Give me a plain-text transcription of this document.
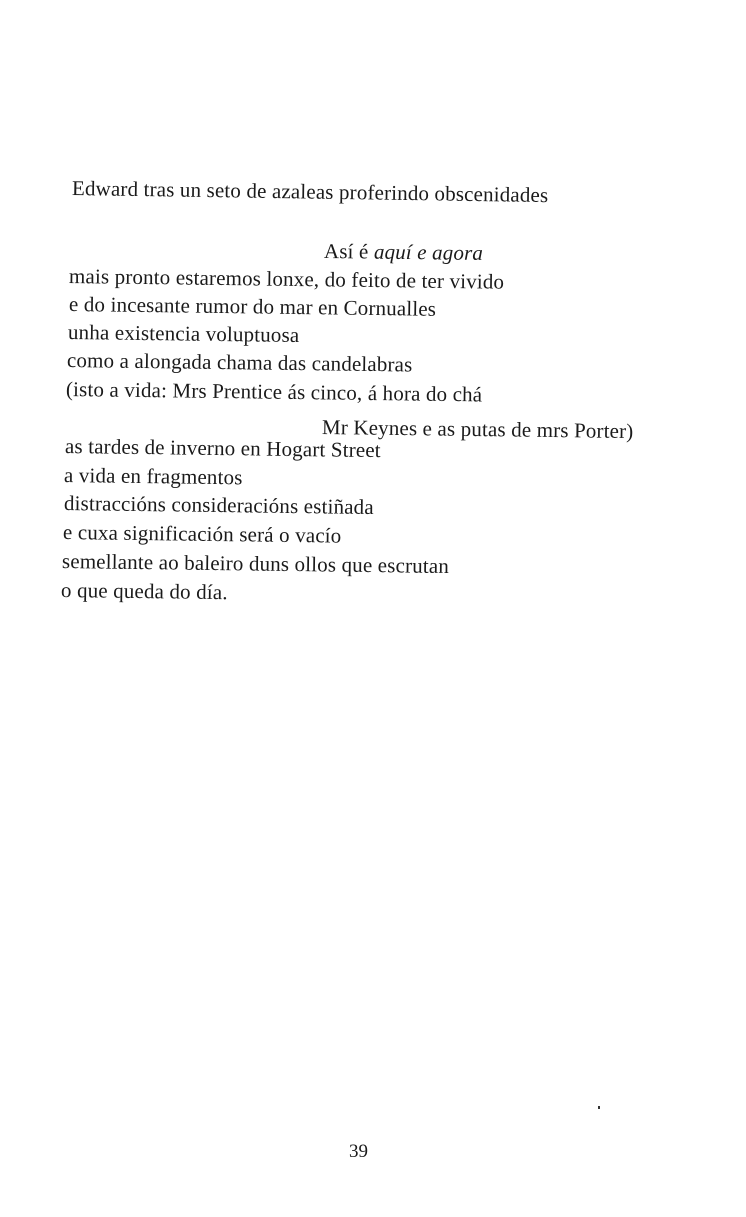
Edward tras un seto de azaleas proferindo obscenidades
Así é aquí e agora
mais pronto estaremos lonxe, do feito de ter vivido
e do incesante rumor do mar en Cornualles
unha existencia voluptuosa
como a alongada chama das candelabras
(isto a vida: Mrs Prentice ás cinco, á hora do chá
Mr Keynes e as putas de mrs Porter)
as tardes de inverno en Hogart Street
a vida en fragmentos
distraccións consideracións estiñada
e cuxa significación será o vacío
semellante ao baleiro duns ollos que escrutan
o que queda do día.
39
